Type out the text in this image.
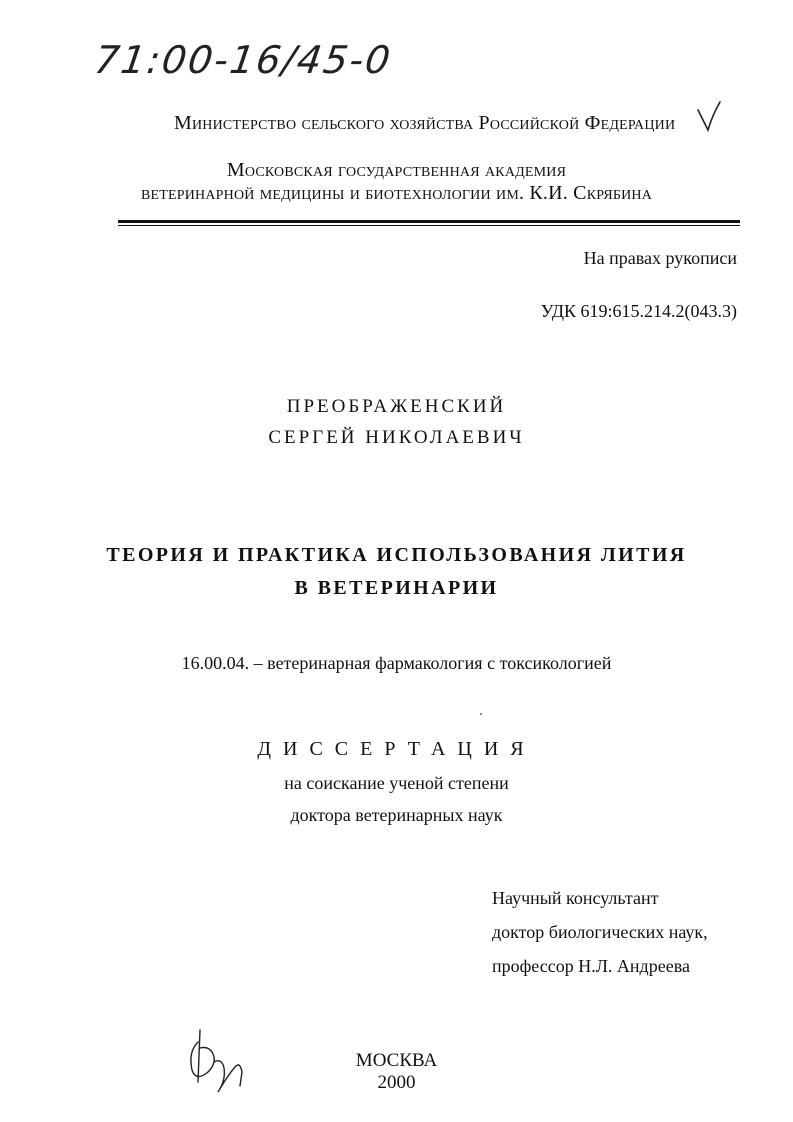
71:00-16/45-0
Министерство сельского хозяйства Российской Федерации
Московская государственная академия
ветеринарной медицины и биотехнологии им. К.И. Скрябина
На правах рукописи
УДК 619:615.214.2(043.3)
ПРЕОБРАЖЕНСКИЙ
СЕРГЕЙ НИКОЛАЕВИЧ
ТЕОРИЯ И ПРАКТИКА ИСПОЛЬЗОВАНИЯ ЛИТИЯ
В ВЕТЕРИНАРИИ
16.00.04. – ветеринарная фармакология с токсикологией
ДИССЕРТАЦИЯ
на соискание ученой степени
доктора ветеринарных наук
Научный консультант
доктор биологических наук,
профессор Н.Л. Андреева
МОСКВА
2000
